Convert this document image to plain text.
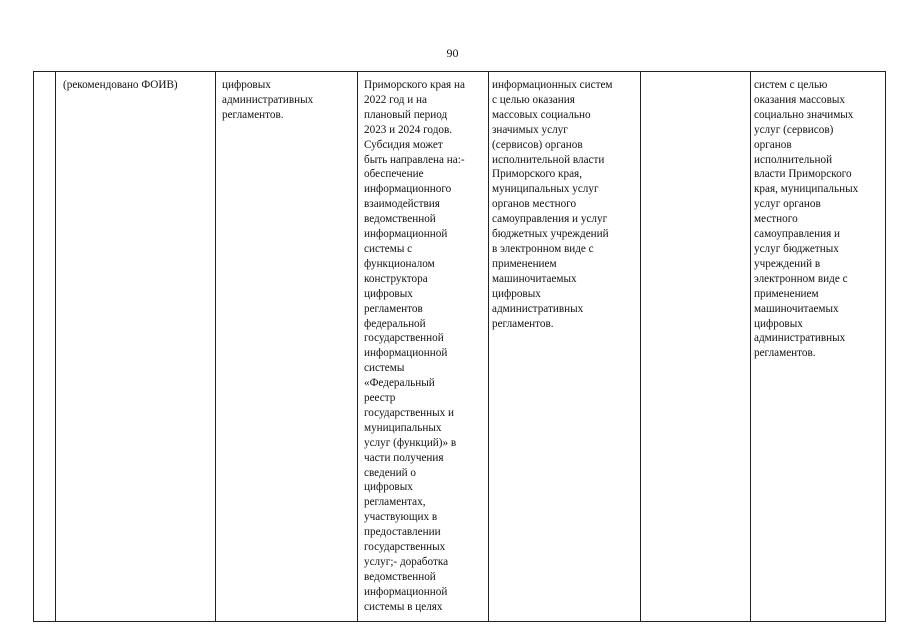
90
(рекомендовано ФОИВ)	цифровых
административных
регламентов.
Приморского края на
2022 год и на
плановый период
2023 и 2024 годов.
Субсидия может
быть направлена на:-
обеспечение
информационного
взаимодействия
ведомственной
информационной
системы с
функционалом
конструктора
цифровых
регламентов
федеральной
государственной
информационной
системы
«Федеральный
реестр
государственных и
муниципальных
услуг (функций)» в
части получения
сведений о
цифровых
регламентах,
участвующих в
предоставлении
государственных
услуг;- доработка
ведомственной
информационной
системы в целях
информационных систем
с целью оказания
массовых социально
значимых услуг
(сервисов) органов
исполнительной власти
Приморского края,
муниципальных услуг
органов местного
самоуправления и услуг
бюджетных учреждений
в электронном виде с
применением
машиночитаемых
цифровых
административных
регламентов.
систем с целью
оказания массовых
социально значимых
услуг (сервисов)
органов
исполнительной
власти Приморского
края, муниципальных
услуг органов
местного
самоуправления и
услуг бюджетных
учреждений в
электронном виде с
применением
машиночитаемых
цифровых
административных
регламентов.
